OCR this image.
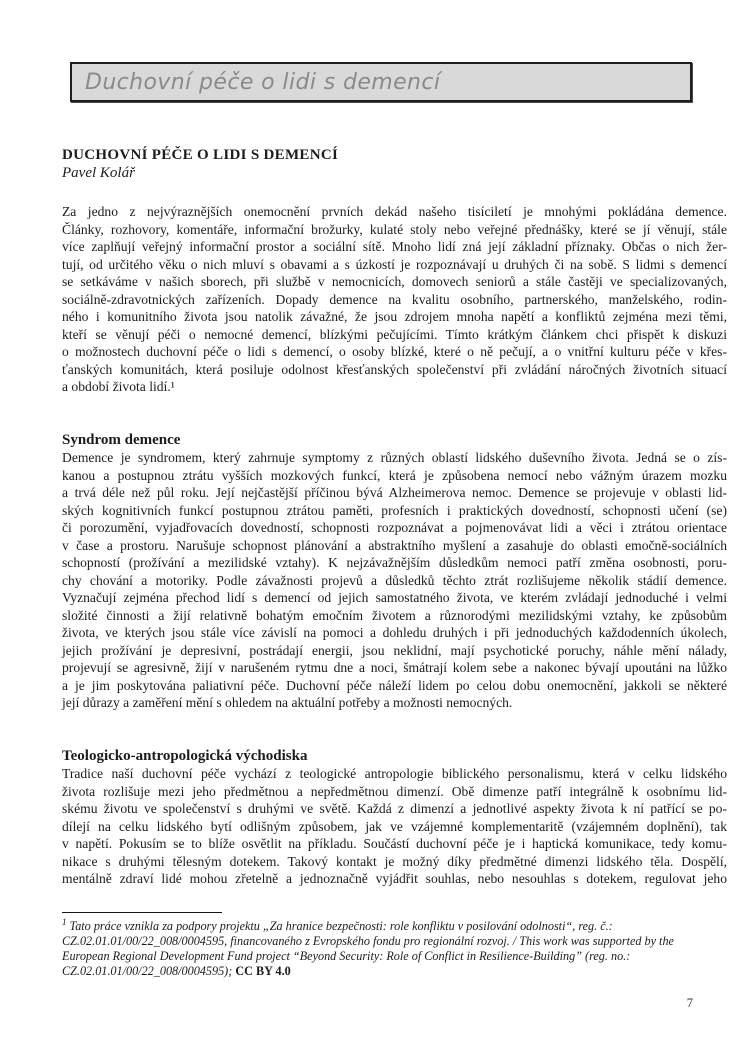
Duchovní péče o lidi s demencí
DUCHOVNÍ PÉČE O LIDI S DEMENCÍ
Pavel Kolář
Za jedno z nejvýraznějších onemocnění prvních dekád našeho tisíciletí je mnohými pokládána demence.
Články, rozhovory, komentáře, informační brožurky, kulaté stoly nebo veřejné přednášky, které se jí věnují, stále
více zaplňují veřejný informační prostor a sociální sítě. Mnoho lidí zná její základní příznaky. Občas o nich žer-
tují, od určitého věku o nich mluví s obavami a s úzkostí je rozpoznávají u druhých či na sobě. S lidmi s demencí
se setkáváme v našich sborech, při službě v nemocnicích, domovech seniorů a stále častěji ve specializovaných,
sociálně-zdravotnických zařízeních. Dopady demence na kvalitu osobního, partnerského, manželského, rodin-
ného i komunitního života jsou natolik závažné, že jsou zdrojem mnoha napětí a konfliktů zejména mezi těmi,
kteří se věnují péči o nemocné demencí, blízkými pečujícími. Tímto krátkým článkem chci přispět k diskuzi
o možnostech duchovní péče o lidi s demencí, o osoby blízké, které o ně pečují, a o vnitřní kulturu péče v křes-
ťanských komunitách, která posiluje odolnost křesťanských společenství při zvládání náročných životních situací
a období života lidí.¹
Syndrom demence
Demence je syndromem, který zahrnuje symptomy z různých oblastí lidského duševního života. Jedná se o zís-
kanou a postupnou ztrátu vyšších mozkových funkcí, která je způsobena nemocí nebo vážným úrazem mozku
a trvá déle než půl roku. Její nejčastější příčinou bývá Alzheimerova nemoc. Demence se projevuje v oblasti lid-
ských kognitivních funkcí postupnou ztrátou paměti, profesních i praktických dovedností, schopnosti učení (se)
či porozumění, vyjadřovacích dovedností, schopnosti rozpoznávat a pojmenovávat lidi a věci i ztrátou orientace
v čase a prostoru. Narušuje schopnost plánování a abstraktního myšlení a zasahuje do oblasti emočně-sociálních
schopností (prožívání a mezilidské vztahy). K nejzávažnějším důsledkům nemoci patří změna osobnosti, poru-
chy chování a motoriky. Podle závažnosti projevů a důsledků těchto ztrát rozlišujeme několik stádií demence.
Vyznačují zejména přechod lidí s demencí od jejich samostatného života, ve kterém zvládají jednoduché i velmi
složité činnosti a žijí relativně bohatým emočním životem a různorodými mezilidskými vztahy, ke způsobům
života, ve kterých jsou stále více závislí na pomoci a dohledu druhých i při jednoduchých každodenních úkolech,
jejich prožívání je depresivní, postrádají energii, jsou neklidní, mají psychotické poruchy, náhle mění nálady,
projevují se agresivně, žijí v narušeném rytmu dne a noci, šmátrají kolem sebe a nakonec bývají upoutáni na lůžko
a je jim poskytována paliativní péče. Duchovní péče náleží lidem po celou dobu onemocnění, jakkoli se některé
její důrazy a zaměření mění s ohledem na aktuální potřeby a možnosti nemocných.
Teologicko-antropologická východiska
Tradice naší duchovní péče vychází z teologické antropologie biblického personalismu, která v celku lidského
života rozlišuje mezi jeho předmětnou a nepředmětnou dimenzí. Obě dimenze patří integrálně k osobnímu lid-
skému životu ve společenství s druhými ve světě. Každá z dimenzí a jednotlivé aspekty života k ní patřící se po-
dílejí na celku lidského bytí odlišným způsobem, jak ve vzájemné komplementaritě (vzájemném doplnění), tak
v napětí. Pokusím se to blíže osvětlit na příkladu. Součástí duchovní péče je i haptická komunikace, tedy komu-
nikace s druhými tělesným dotekem. Takový kontakt je možný díky předmětné dimenzi lidského těla. Dospělí,
mentálně zdraví lidé mohou zřetelně a jednoznačně vyjádřit souhlas, nebo nesouhlas s dotekem, regulovat jeho
$^1$ Tato práce vznikla za podpory projektu „Za hranice bezpečnosti: role konfliktu v posilování odolnosti“, reg. č.:
CZ.02.01.01/00/22_008/0004595, financovaného z Evropského fondu pro regionální rozvoj. / This work was supported by the
European Regional Development Fund project “Beyond Security: Role of Conflict in Resilience-Building” (reg. no.:
CZ.02.01.01/00/22_008/0004595); CC BY 4.0
7
